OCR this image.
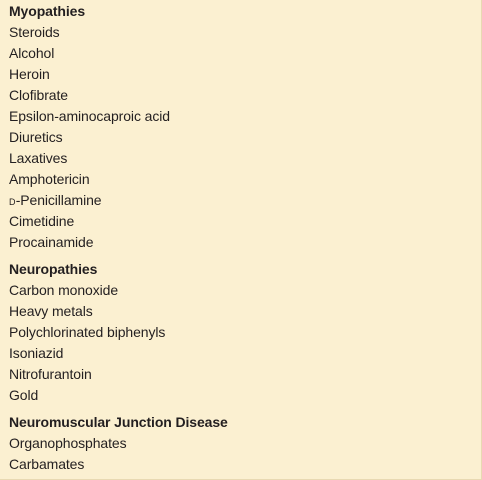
Myopathies
Steroids
Alcohol
Heroin
Clofibrate
Epsilon-aminocaproic acid
Diuretics
Laxatives
Amphotericin
D-Penicillamine
Cimetidine
Procainamide
Neuropathies
Carbon monoxide
Heavy metals
Polychlorinated biphenyls
Isoniazid
Nitrofurantoin
Gold
Neuromuscular Junction Disease
Organophosphates
Carbamates
